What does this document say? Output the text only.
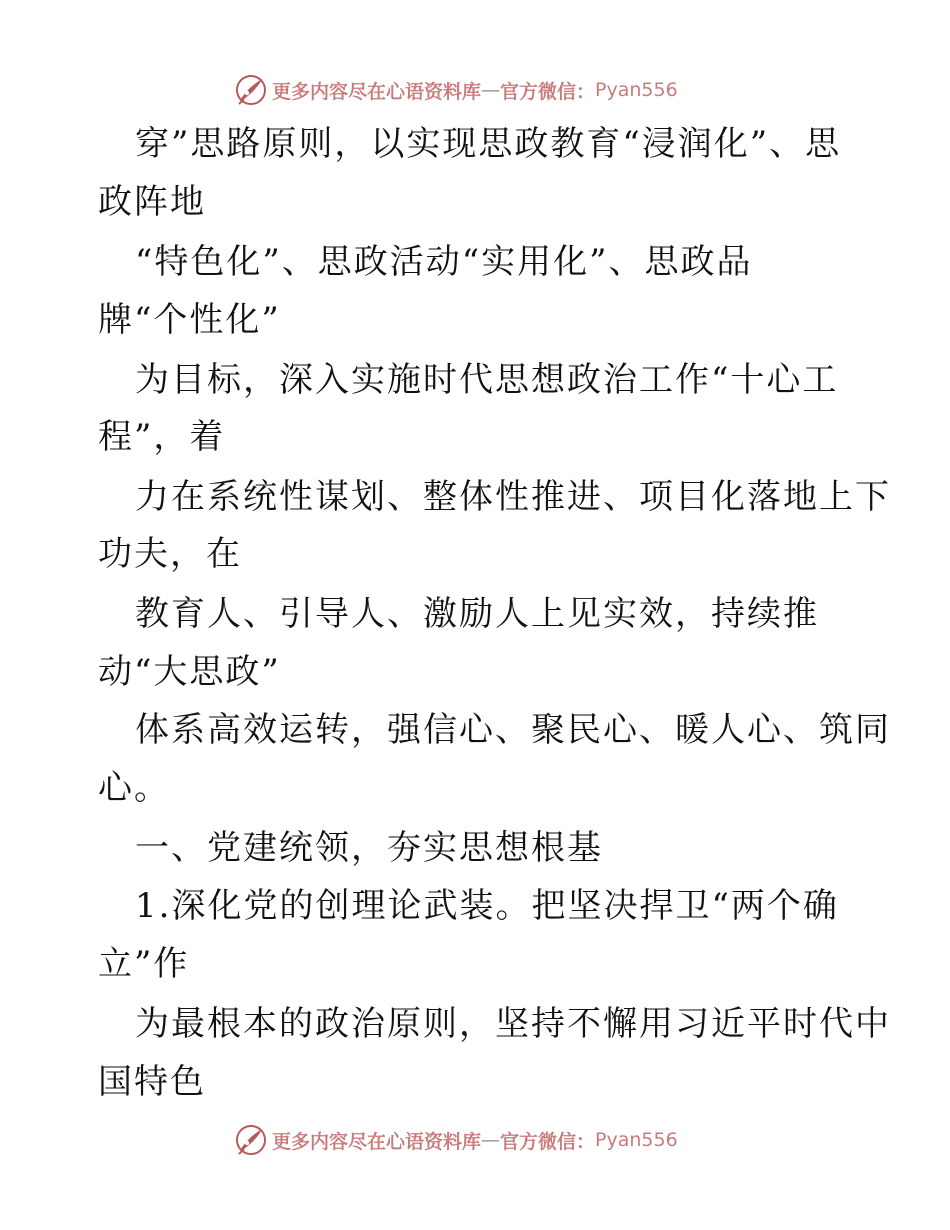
更多内容尽在心语资料库 — 官方微信： Pyan556
穿”思路原则，以实现思政教育“浸润化”、思
政阵地
“特色化”、思政活动“实用化”、思政品
牌“个性化”
为目标，深入实施时代思想政治工作“十心工
程”，着
力在系统性谋划、整体性推进、项目化落地上下
功夫，在
教育人、引导人、激励人上见实效，持续推
动“大思政”
体系高效运转，强信心、聚民心、暖人心、筑同
心。
一、党建统领，夯实思想根基
1.深化党的创理论武装。把坚决捍卫“两个确
立”作
为最根本的政治原则，坚持不懈用习近平时代中
国特色
更多内容尽在心语资料库 — 官方微信： Pyan556
